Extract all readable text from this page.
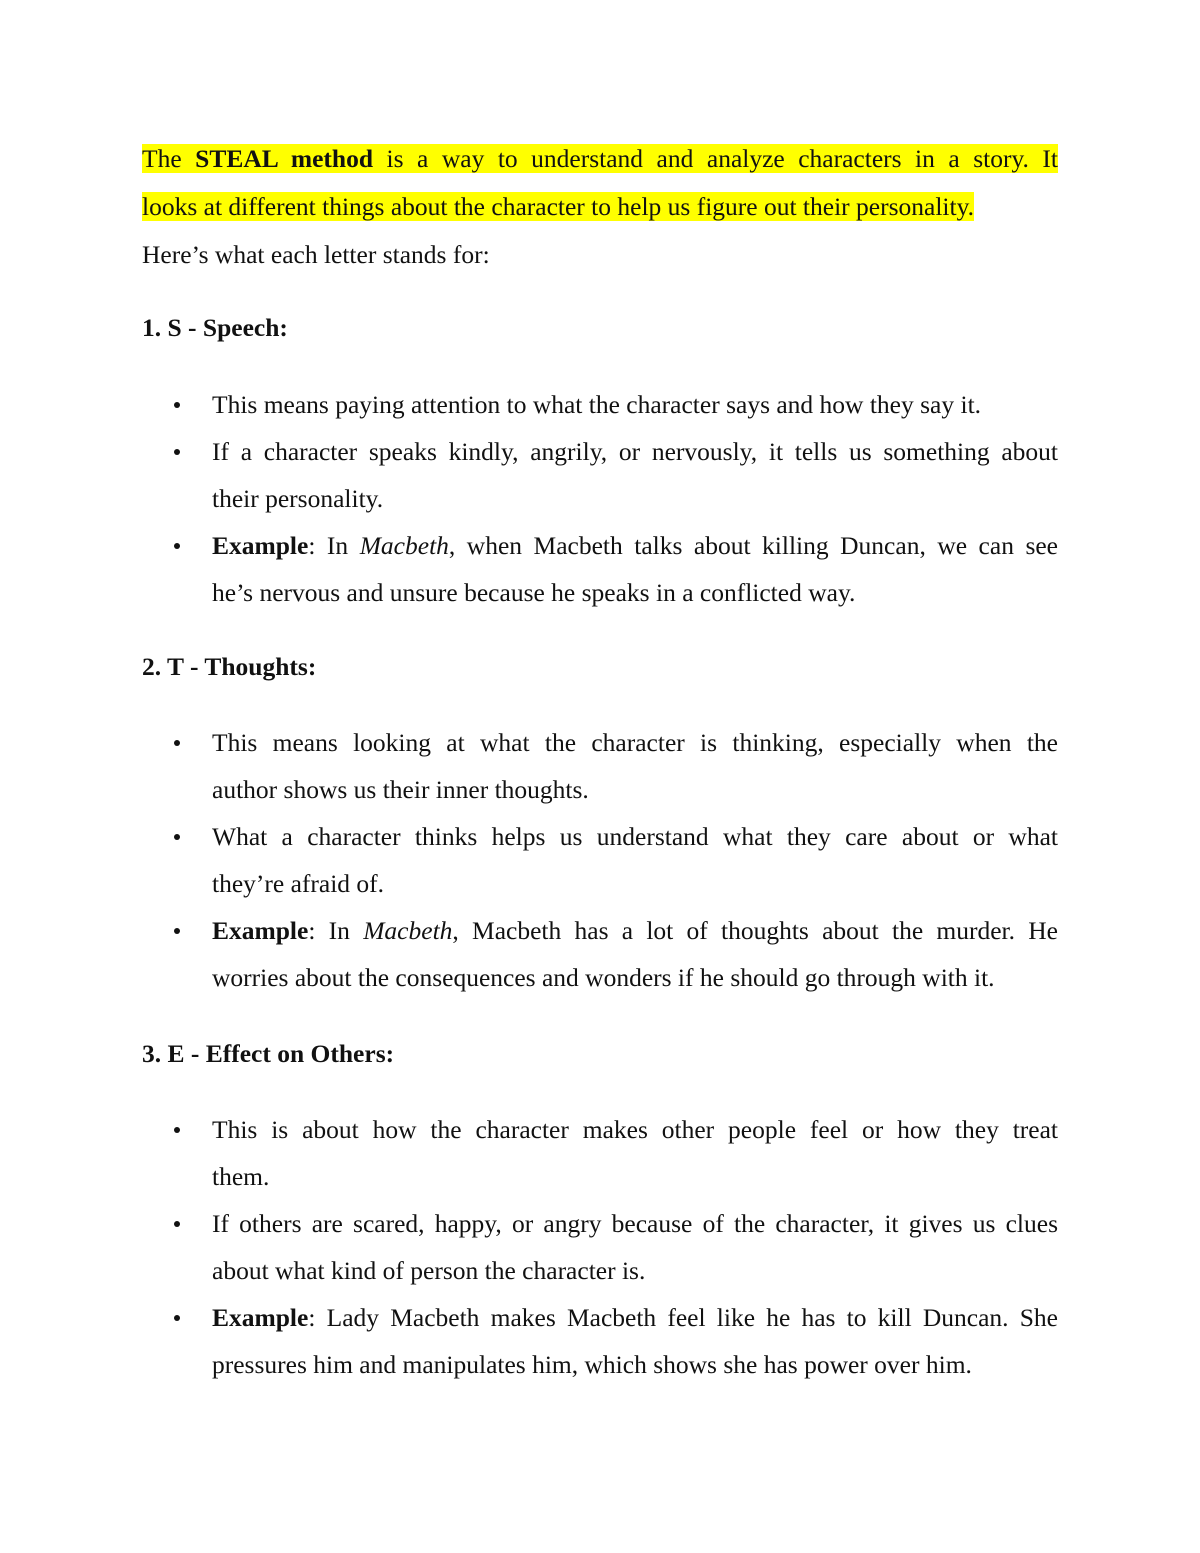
The STEAL method is a way to understand and analyze characters in a story. It
looks at different things about the character to help us figure out their personality.
Here’s what each letter stands for:
1. S - Speech:
This means paying attention to what the character says and how they say it.
If a character speaks kindly, angrily, or nervously, it tells us something about
their personality.
Example: In Macbeth, when Macbeth talks about killing Duncan, we can see
he’s nervous and unsure because he speaks in a conflicted way.
2. T - Thoughts:
This means looking at what the character is thinking, especially when the
author shows us their inner thoughts.
What a character thinks helps us understand what they care about or what
they’re afraid of.
Example: In Macbeth, Macbeth has a lot of thoughts about the murder. He
worries about the consequences and wonders if he should go through with it.
3. E - Effect on Others:
This is about how the character makes other people feel or how they treat
them.
If others are scared, happy, or angry because of the character, it gives us clues
about what kind of person the character is.
Example: Lady Macbeth makes Macbeth feel like he has to kill Duncan. She
pressures him and manipulates him, which shows she has power over him.
